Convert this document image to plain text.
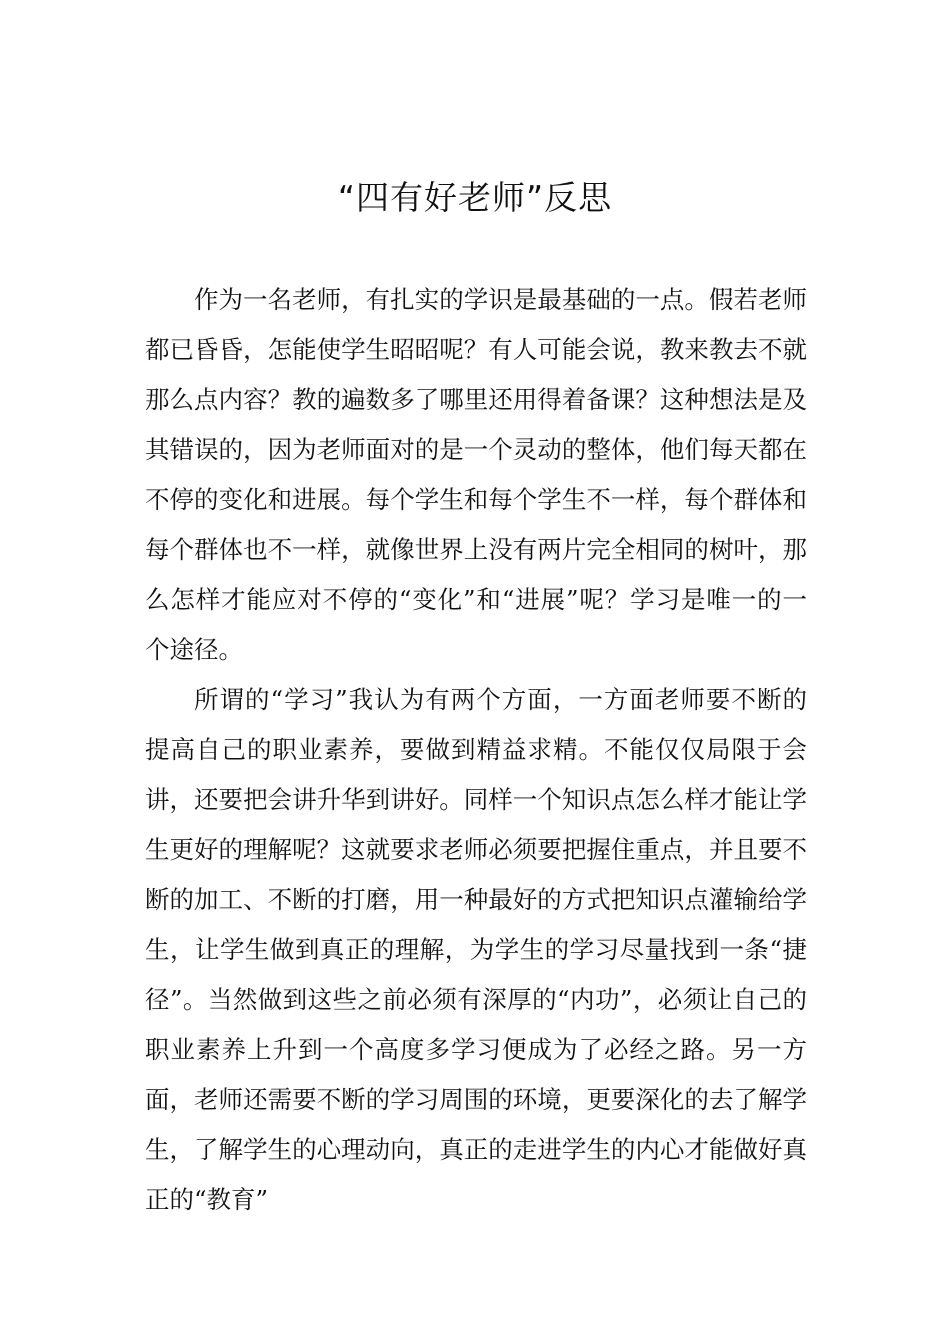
“四有好老师”反思

作为一名老师，有扎实的学识是最基础的一点。假若老师都已昏昏，怎能使学生昭昭呢？有人可能会说，教来教去不就那么点内容？教的遍数多了哪里还用得着备课？这种想法是及其错误的，因为老师面对的是一个灵动的整体，他们每天都在不停的变化和进展。每个学生和每个学生不一样，每个群体和每个群体也不一样，就像世界上没有两片完全相同的树叶，那么怎样才能应对不停的“变化”和“进展”呢？学习是唯一的一个途径。

所谓的“学习”我认为有两个方面，一方面老师要不断的提高自己的职业素养，要做到精益求精。不能仅仅局限于会讲，还要把会讲升华到讲好。同样一个知识点怎么样才能让学生更好的理解呢？这就要求老师必须要把握住重点，并且要不断的加工、不断的打磨，用一种最好的方式把知识点灌输给学生，让学生做到真正的理解，为学生的学习尽量找到一条“捷径”。当然做到这些之前必须有深厚的“内功”，必须让自己的职业素养上升到一个高度多学习便成为了必经之路。另一方面，老师还需要不断的学习周围的环境，更要深化的去了解学生，了解学生的心理动向，真正的走进学生的内心才能做好真正的“教育”
